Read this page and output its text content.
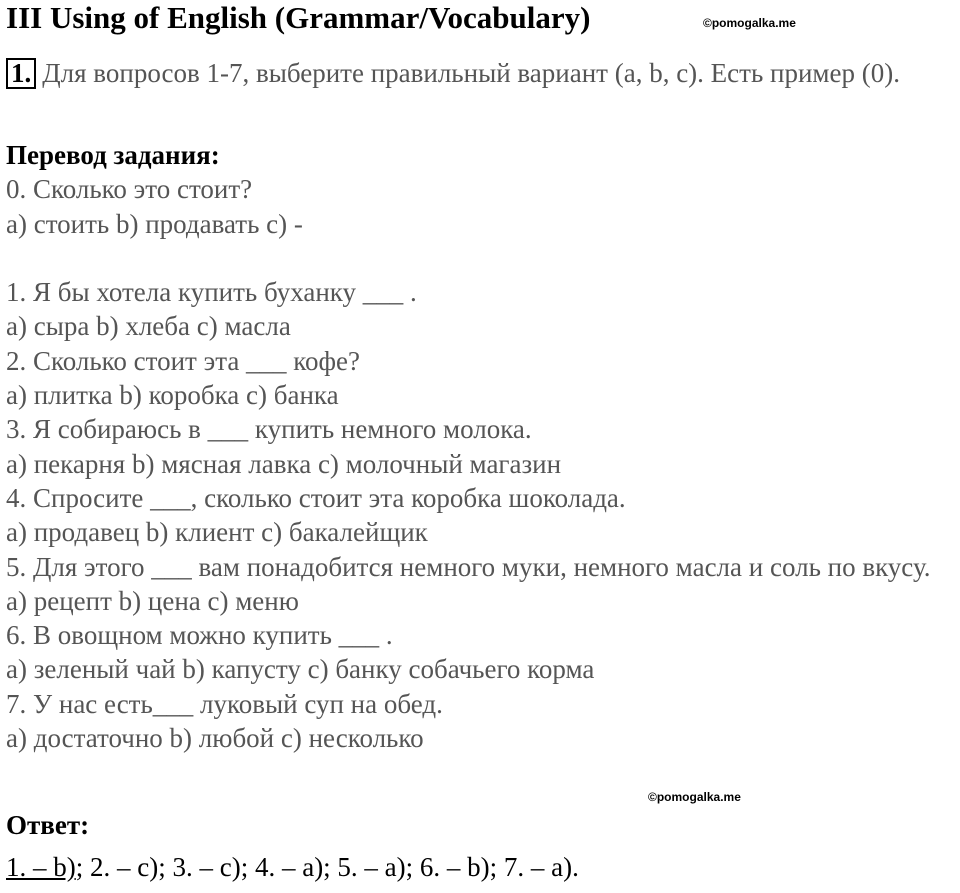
III Using of English (Grammar/Vocabulary)	©pomogalka.me
1. Для вопросов 1-7, выберите правильный вариант (a, b, c). Есть пример (0).
Перевод задания:
0. Сколько это стоит?
a) стоить b) продавать c) -
1. Я бы хотела купить буханку ___ .
a) сыра b) хлеба c) масла
2. Сколько стоит эта ___ кофе?
a) плитка b) коробка c) банка
3. Я собираюсь в ___ купить немного молока.
a) пекарня b) мясная лавка c) молочный магазин
4. Спросите ___, сколько стоит эта коробка шоколада.
a) продавец b) клиент c) бакалейщик
5. Для этого ___ вам понадобится немного муки, немного масла и соль по вкусу.
a) рецепт b) цена c) меню
6. В овощном можно купить ___ .
a) зеленый чай b) капусту c) банку собачьего корма
7. У нас есть___ луковый суп на обед.
a) достаточно b) любой c) несколько
©pomogalka.me
Ответ:
1. – b); 2. – c); 3. – c); 4. – a); 5. – a); 6. – b); 7. – a).
